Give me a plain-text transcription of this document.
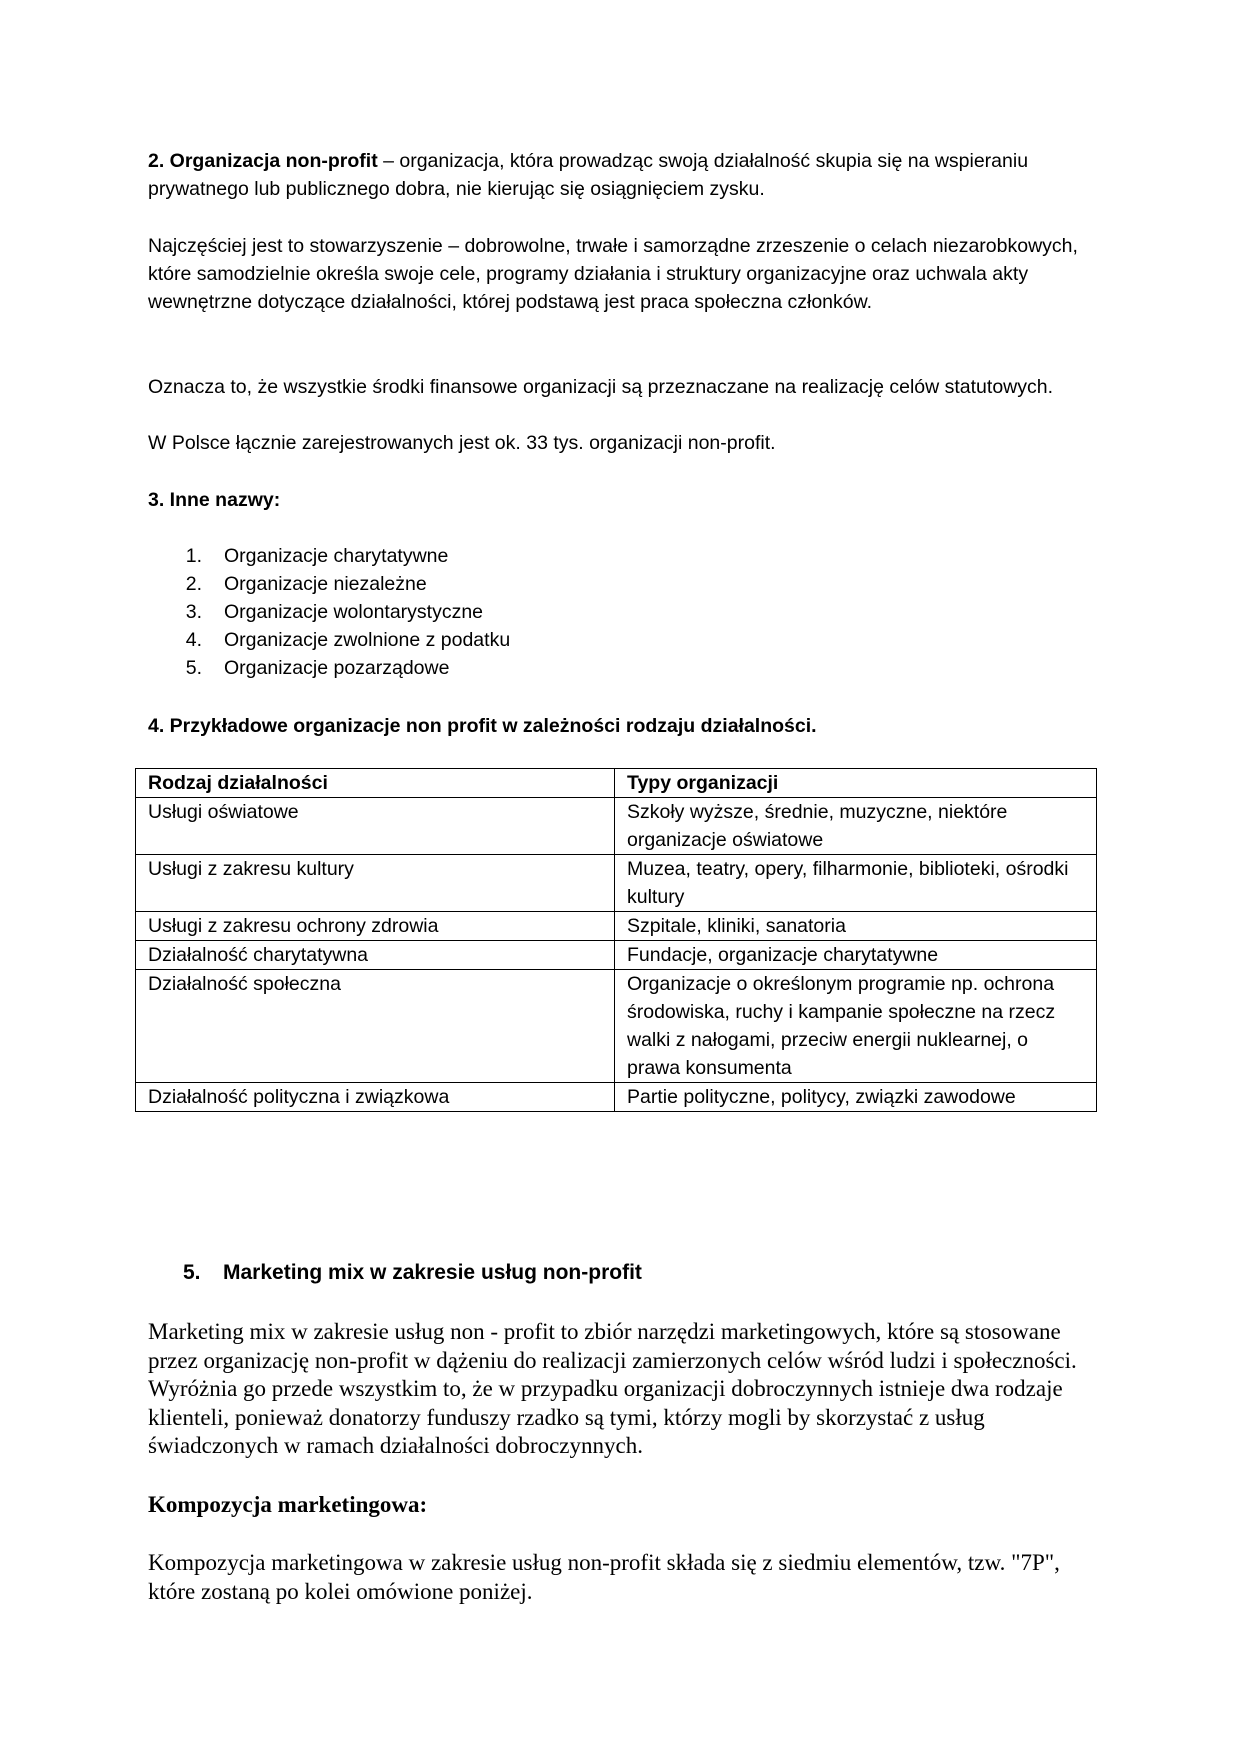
2. Organizacja non-profit – organizacja, która prowadząc swoją działalność skupia się na wspieraniu prywatnego lub publicznego dobra, nie kierując się osiągnięciem zysku.

Najczęściej jest to stowarzyszenie – dobrowolne, trwałe i samorządne zrzeszenie o celach niezarobkowych, które samodzielnie określa swoje cele, programy działania i struktury organizacyjne oraz uchwala akty wewnętrzne dotyczące działalności, której podstawą jest praca społeczna członków.

Oznacza to, że wszystkie środki finansowe organizacji są przeznaczane na realizację celów statutowych.

W Polsce łącznie zarejestrowanych jest ok. 33 tys. organizacji non-profit.

3. Inne nazwy:

1. Organizacje charytatywne
2. Organizacje niezależne
3. Organizacje wolontarystyczne
4. Organizacje zwolnione z podatku
5. Organizacje pozarządowe

4. Przykładowe organizacje non profit w zależności rodzaju działalności.

Rodzaj działalności	Typy organizacji
Usługi oświatowe	Szkoły wyższe, średnie, muzyczne, niektóre organizacje oświatowe
Usługi z zakresu kultury	Muzea, teatry, opery, filharmonie, biblioteki, ośrodki kultury
Usługi z zakresu ochrony zdrowia	Szpitale, kliniki, sanatoria
Działalność charytatywna	Fundacje, organizacje charytatywne
Działalność społeczna	Organizacje o określonym programie np. ochrona środowiska, ruchy i kampanie społeczne na rzecz walki z nałogami, przeciw energii nuklearnej, o prawa konsumenta
Działalność polityczna i związkowa	Partie polityczne, politycy, związki zawodowe
5. Marketing mix w zakresie usług non-profit

Marketing mix w zakresie usług non - profit to zbiór narzędzi marketingowych, które są stosowane przez organizację non-profit w dążeniu do realizacji zamierzonych celów wśród ludzi i społeczności. Wyróżnia go przede wszystkim to, że w przypadku organizacji dobroczynnych istnieje dwa rodzaje klienteli, ponieważ donatorzy funduszy rzadko są tymi, którzy mogli by skorzystać z usług świadczonych w ramach działalności dobroczynnych.

Kompozycja marketingowa:

Kompozycja marketingowa w zakresie usług non-profit składa się z siedmiu elementów, tzw. "7P", które zostaną po kolei omówione poniżej.
